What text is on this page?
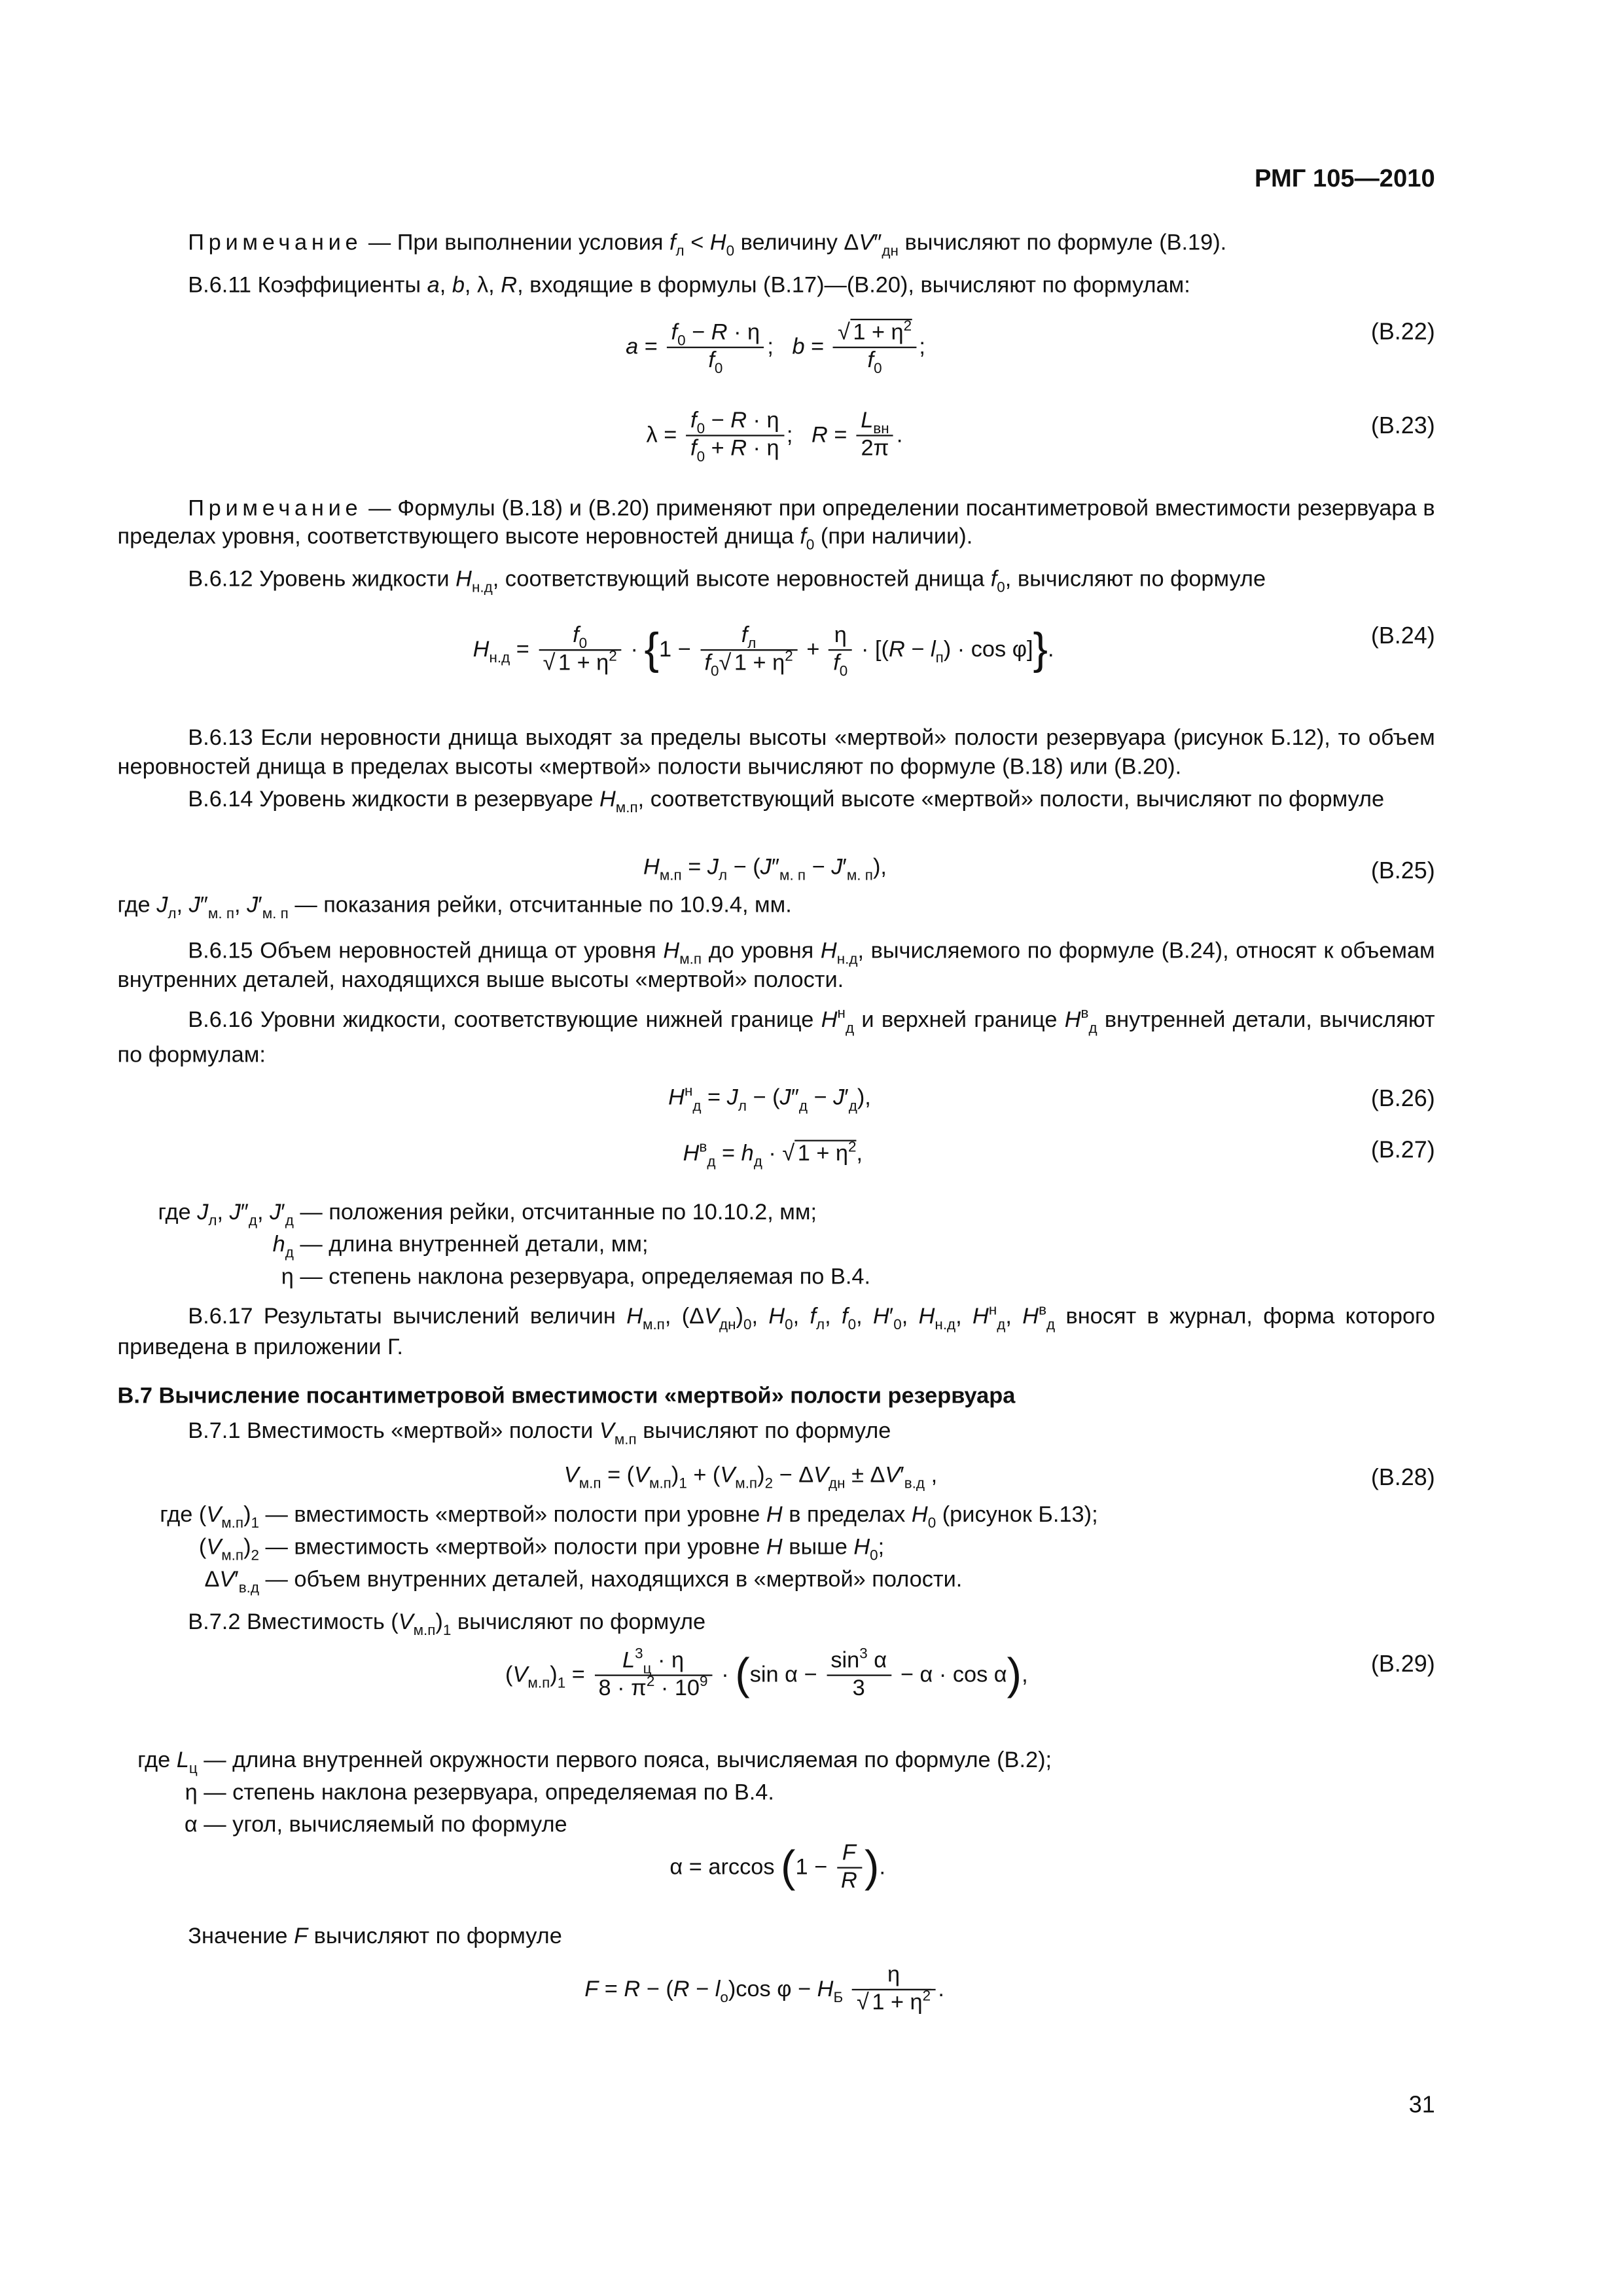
РМГ 105—2010
Примечание — При выполнении условия $f_л < H_0$ величину $\Delta V''_{дн}$ вычисляют по формуле (В.19).
В.6.11 Коэффициенты a, b, λ, R, входящие в формулы (В.17)—(В.20), вычисляют по формулам:
$a = \frac{f_0 - R \cdot \eta}{f_0}$ ;   $b = \frac{√ 1 + \eta^2}{f_0}$ ;
(В.22)
$\lambda = \frac{f_0 - R \cdot \eta}{f_0 + R \cdot \eta}$ ;   $R = \frac{L_{вн}}{2\pi}$ .	(В.23)
Примечание — Формулы (В.18) и (В.20) применяют при определении посантиметровой вместимости резервуара в пределах уровня, соответствующего высоте неровностей днища $f_0$ (при наличии).
В.6.12 Уровень жидкости $H_{н.д}$, соответствующий высоте неровностей днища $f_0$, вычисляют по формуле
$H_{н.д} = \frac{f_0}{√ 1 + \eta^2} \cdot \{1 - \frac{f_л}{f_0√ 1 + \eta^2} + \frac{\eta}{f_0} \cdot [(R - l_п) \cdot \cos \varphi]\}$.
(В.24)
В.6.13 Если неровности днища выходят за пределы высоты «мертвой» полости резервуара (рисунок Б.12), то объем неровностей днища в пределах высоты «мертвой» полости вычисляют по формуле (В.18) или (В.20).
В.6.14 Уровень жидкости в резервуаре $H_{м.п}$, соответствующий высоте «мертвой» полости, вычисляют по формуле
$H_{м.п} = J_л - (J''_{м. п} - J'_{м. п})$,	(В.25)
где $J_л$, $J''_{м. п}$, $J'_{м. п}$ — показания рейки, отсчитанные по 10.9.4, мм.
В.6.15 Объем неровностей днища от уровня $H_{м.п}$ до уровня $H_{н.д}$, вычисляемого по формуле (В.24), относят к объемам внутренних деталей, находящихся выше высоты «мертвой» полости.
В.6.16 Уровни жидкости, соответствующие нижней границе $H^н_д$ и верхней границе $H^в_д$ внутренней детали, вычисляют по формулам:
$H^н_д = J_л - (J''_д - J'_д)$,	(В.26)
$H^в_д = h_д$ · √ $1 + \eta^2$,	(В.27)
где $J_л$, $J''_д$, $J'_д$ — положения рейки, отсчитанные по 10.10.2, мм;
$h_д$ — длина внутренней детали, мм;
η — степень наклона резервуара, определяемая по В.4.
В.6.17 Результаты вычислений величин $H_{м.п}$, $(\Delta V_{дн})_0$, $H_0$, $f_л$, $f_0$, $H'_0$, $H_{н.д}$, $H^н_д$, $H^в_д$ вносят в журнал, форма которого приведена в приложении Г.
В.7 Вычисление посантиметровой вместимости «мертвой» полости резервуара
В.7.1 Вместимость «мертвой» полости $V_{м.п}$ вычисляют по формуле
$V_{м.п} = (V_{м.п})_1 + (V_{м.п})_2 - \Delta V_{дн} \pm \Delta V'_{в.д}$ ,	(В.28)
где $(V_{м.п})_1$ — вместимость «мертвой» полости при уровне H в пределах $H_0$ (рисунок Б.13);
$(V_{м.п})_2$ — вместимость «мертвой» полости при уровне H выше $H_0$;
$\Delta V'_{в.д}$ — объем внутренних деталей, находящихся в «мертвой» полости.
В.7.2 Вместимость $(V_{м.п})_1$ вычисляют по формуле
$(V_{м.п})_1 = \frac{L^3_ц \cdot \eta}{8 \cdot \pi^2 \cdot 10^9} \cdot (\sin$ $\alpha - \frac{\sin^3 \alpha}{3} - \alpha \cdot \cos \alpha$),	(В.29)
где $L_ц$ — длина внутренней окружности первого пояса, вычисляемая по формуле (В.2);
η — степень наклона резервуара, определяемая по В.4.
α — угол, вычисляемый по формуле
$\alpha = \arccos (1 - \frac{F}{R}$ ).
Значение F вычисляют по формуле
$F = R - (R - l_о)\cos$ $\varphi - H_Б \frac{\eta}{√ 1 + \eta^2}$ .
31
